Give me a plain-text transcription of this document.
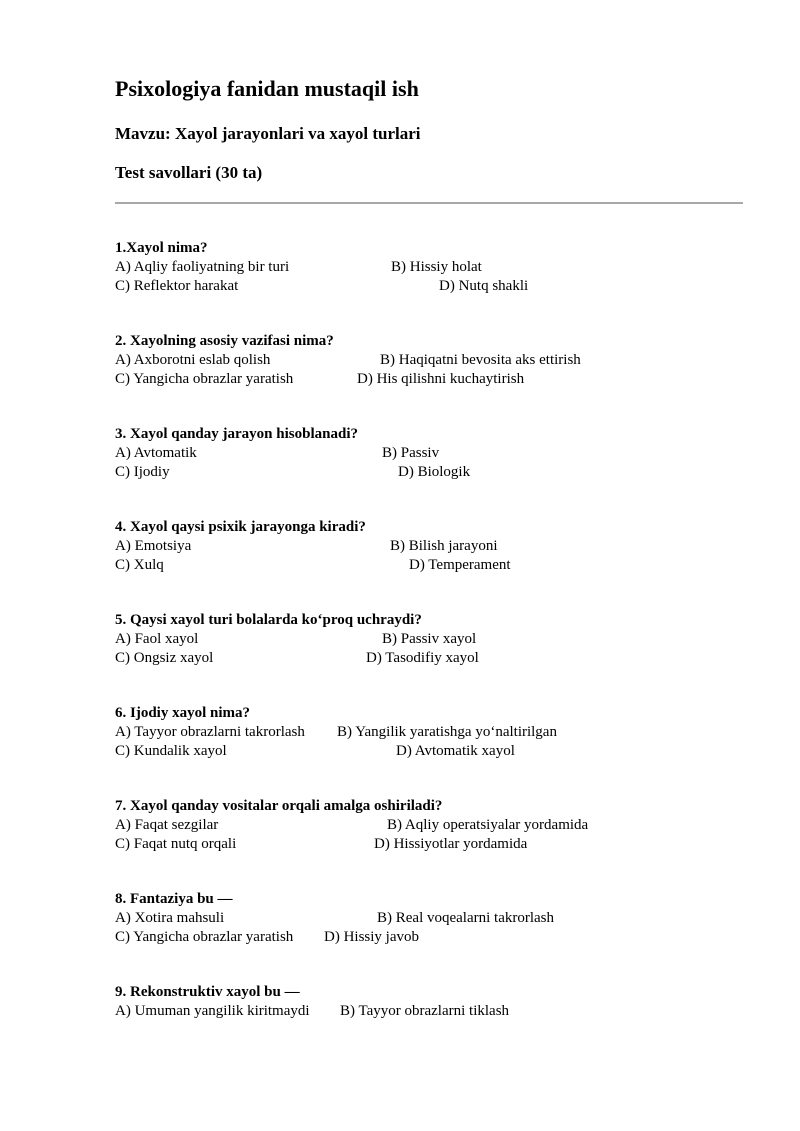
Psixologiya fanidan mustaqil ish
Mavzu: Xayol jarayonlari va xayol turlari
Test savollari (30 ta)
1.Xayol nima?
A) Aqliy faoliyatning bir turi	B) Hissiy holat
C) Reflektor harakat	D) Nutq shakli
2. Xayolning asosiy vazifasi nima?
A) Axborotni eslab qolish	B) Haqiqatni bevosita aks ettirish
C) Yangicha obrazlar yaratish	D) His qilishni kuchaytirish
3. Xayol qanday jarayon hisoblanadi?
A) Avtomatik	B) Passiv
C) Ijodiy	D) Biologik
4. Xayol qaysi psixik jarayonga kiradi?
A) Emotsiya	B) Bilish jarayoni
C) Xulq	D) Temperament
5. Qaysi xayol turi bolalarda ko‘proq uchraydi?
A) Faol xayol	B) Passiv xayol
C) Ongsiz xayol	D) Tasodifiy xayol
6. Ijodiy xayol nima?
A) Tayyor obrazlarni takrorlash B) Yangilik yaratishga yo‘naltirilgan
C) Kundalik xayol	D) Avtomatik xayol
7. Xayol qanday vositalar orqali amalga oshiriladi?
A) Faqat sezgilar	B) Aqliy operatsiyalar yordamida
C) Faqat nutq orqali	D) Hissiyotlar yordamida
8. Fantaziya bu —
A) Xotira mahsuli	B) Real voqealarni takrorlash
C) Yangicha obrazlar yaratish D) Hissiy javob
9. Rekonstruktiv xayol bu —
A) Umuman yangilik kiritmaydi B) Tayyor obrazlarni tiklash
